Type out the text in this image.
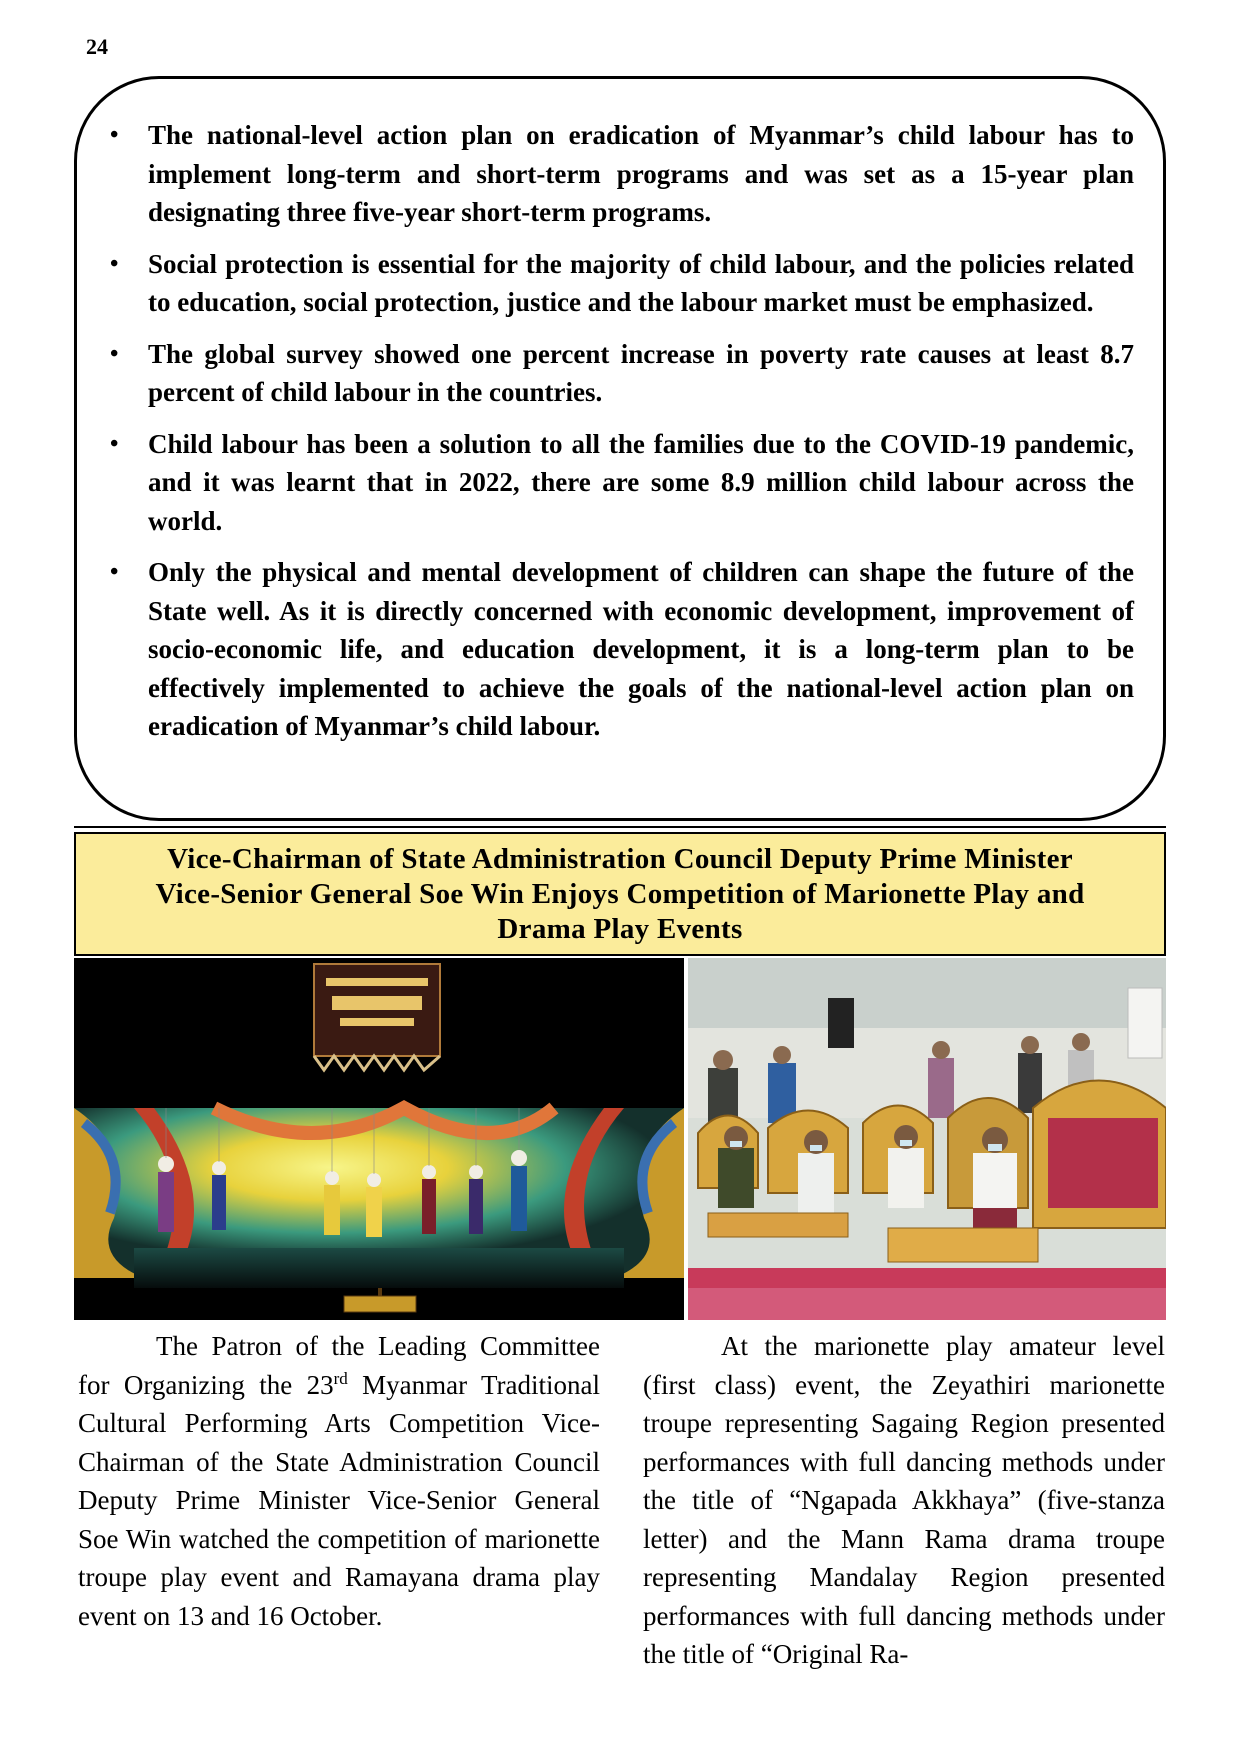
24
• The national-level action plan on eradication of Myanmar’s child labour has to implement long-term and short-term programs and was set as a 15-year plan designating three five-year short-term programs.
• Social protection is essential for the majority of child labour, and the policies related to education, social protection, justice and the labour market must be emphasized.
• The global survey showed one percent increase in poverty rate causes at least 8.7 percent of child labour in the countries.
• Child labour has been a solution to all the families due to the COVID-19 pandemic, and it was learnt that in 2022, there are some 8.9 million child labour across the world.
• Only the physical and mental development of children can shape the future of the State well. As it is directly concerned with economic development, improvement of socio-economic life, and education development, it is a long-term plan to be effectively implemented to achieve the goals of the national-level action plan on eradication of Myanmar’s child labour.
Vice-Chairman of State Administration Council Deputy Prime Minister
Vice-Senior General Soe Win Enjoys Competition of Marionette Play and
Drama Play Events

The Patron of the Leading Committee for Organizing the 23rd Myanmar Traditional Cultural Performing Arts Competition Vice-Chairman of the State Administration Council Deputy Prime Minister Vice-Senior General Soe Win watched the competition of marionette troupe play event and Ramayana drama play event on 13 and 16 October.

At the marionette play amateur level (first class) event, the Zeyathiri marionette troupe representing Sagaing Region presented performances with full dancing methods under the title of “Ngapada Akkhaya” (five-stanza letter) and the Mann Rama drama troupe representing Mandalay Region presented performances with full dancing methods under the title of “Original Ra-
